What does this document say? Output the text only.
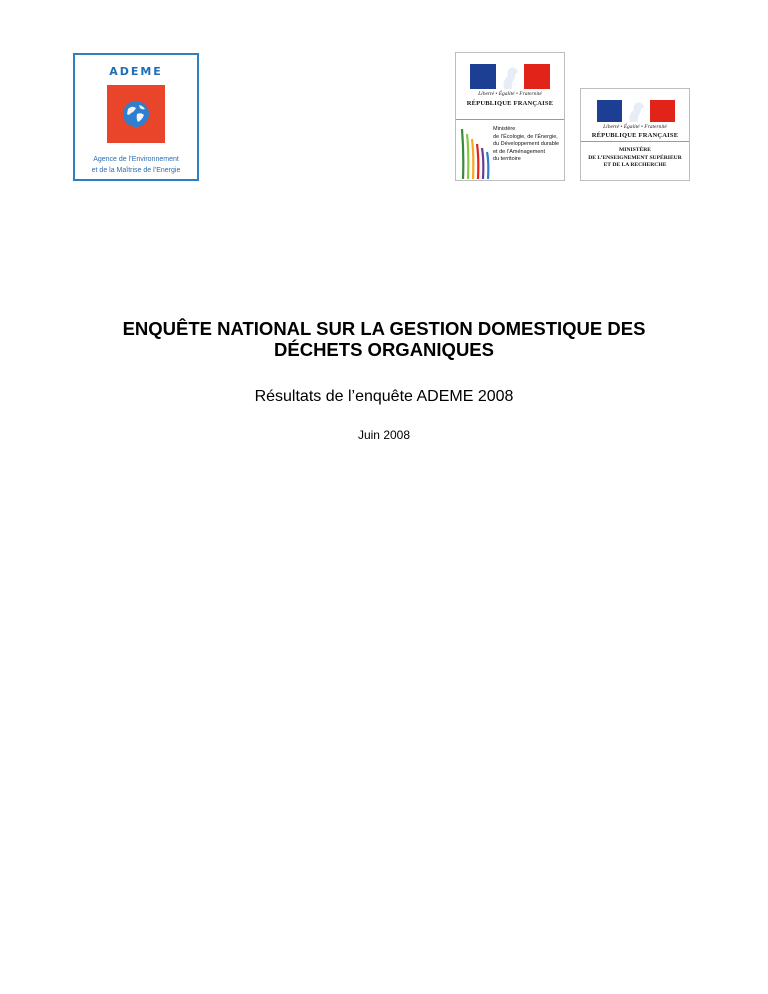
ADEME
Agence de l’Environnement
et de la Maîtrise de l’Energie
Liberté • Égalité • Fraternité
RÉPUBLIQUE FRANÇAISE
Ministère
de l’Écologie, de l’Énergie,
du Développement durable
et de l’Aménagement
du territoire
Liberté • Égalité • Fraternité
RÉPUBLIQUE FRANÇAISE
MINISTÈRE
DE L’ENSEIGNEMENT SUPÉRIEUR
ET DE LA RECHERCHE
ENQUÊTE NATIONAL SUR LA GESTION DOMESTIQUE DES
DÉCHETS ORGANIQUES

Résultats de l’enquête ADEME 2008

Juin 2008
